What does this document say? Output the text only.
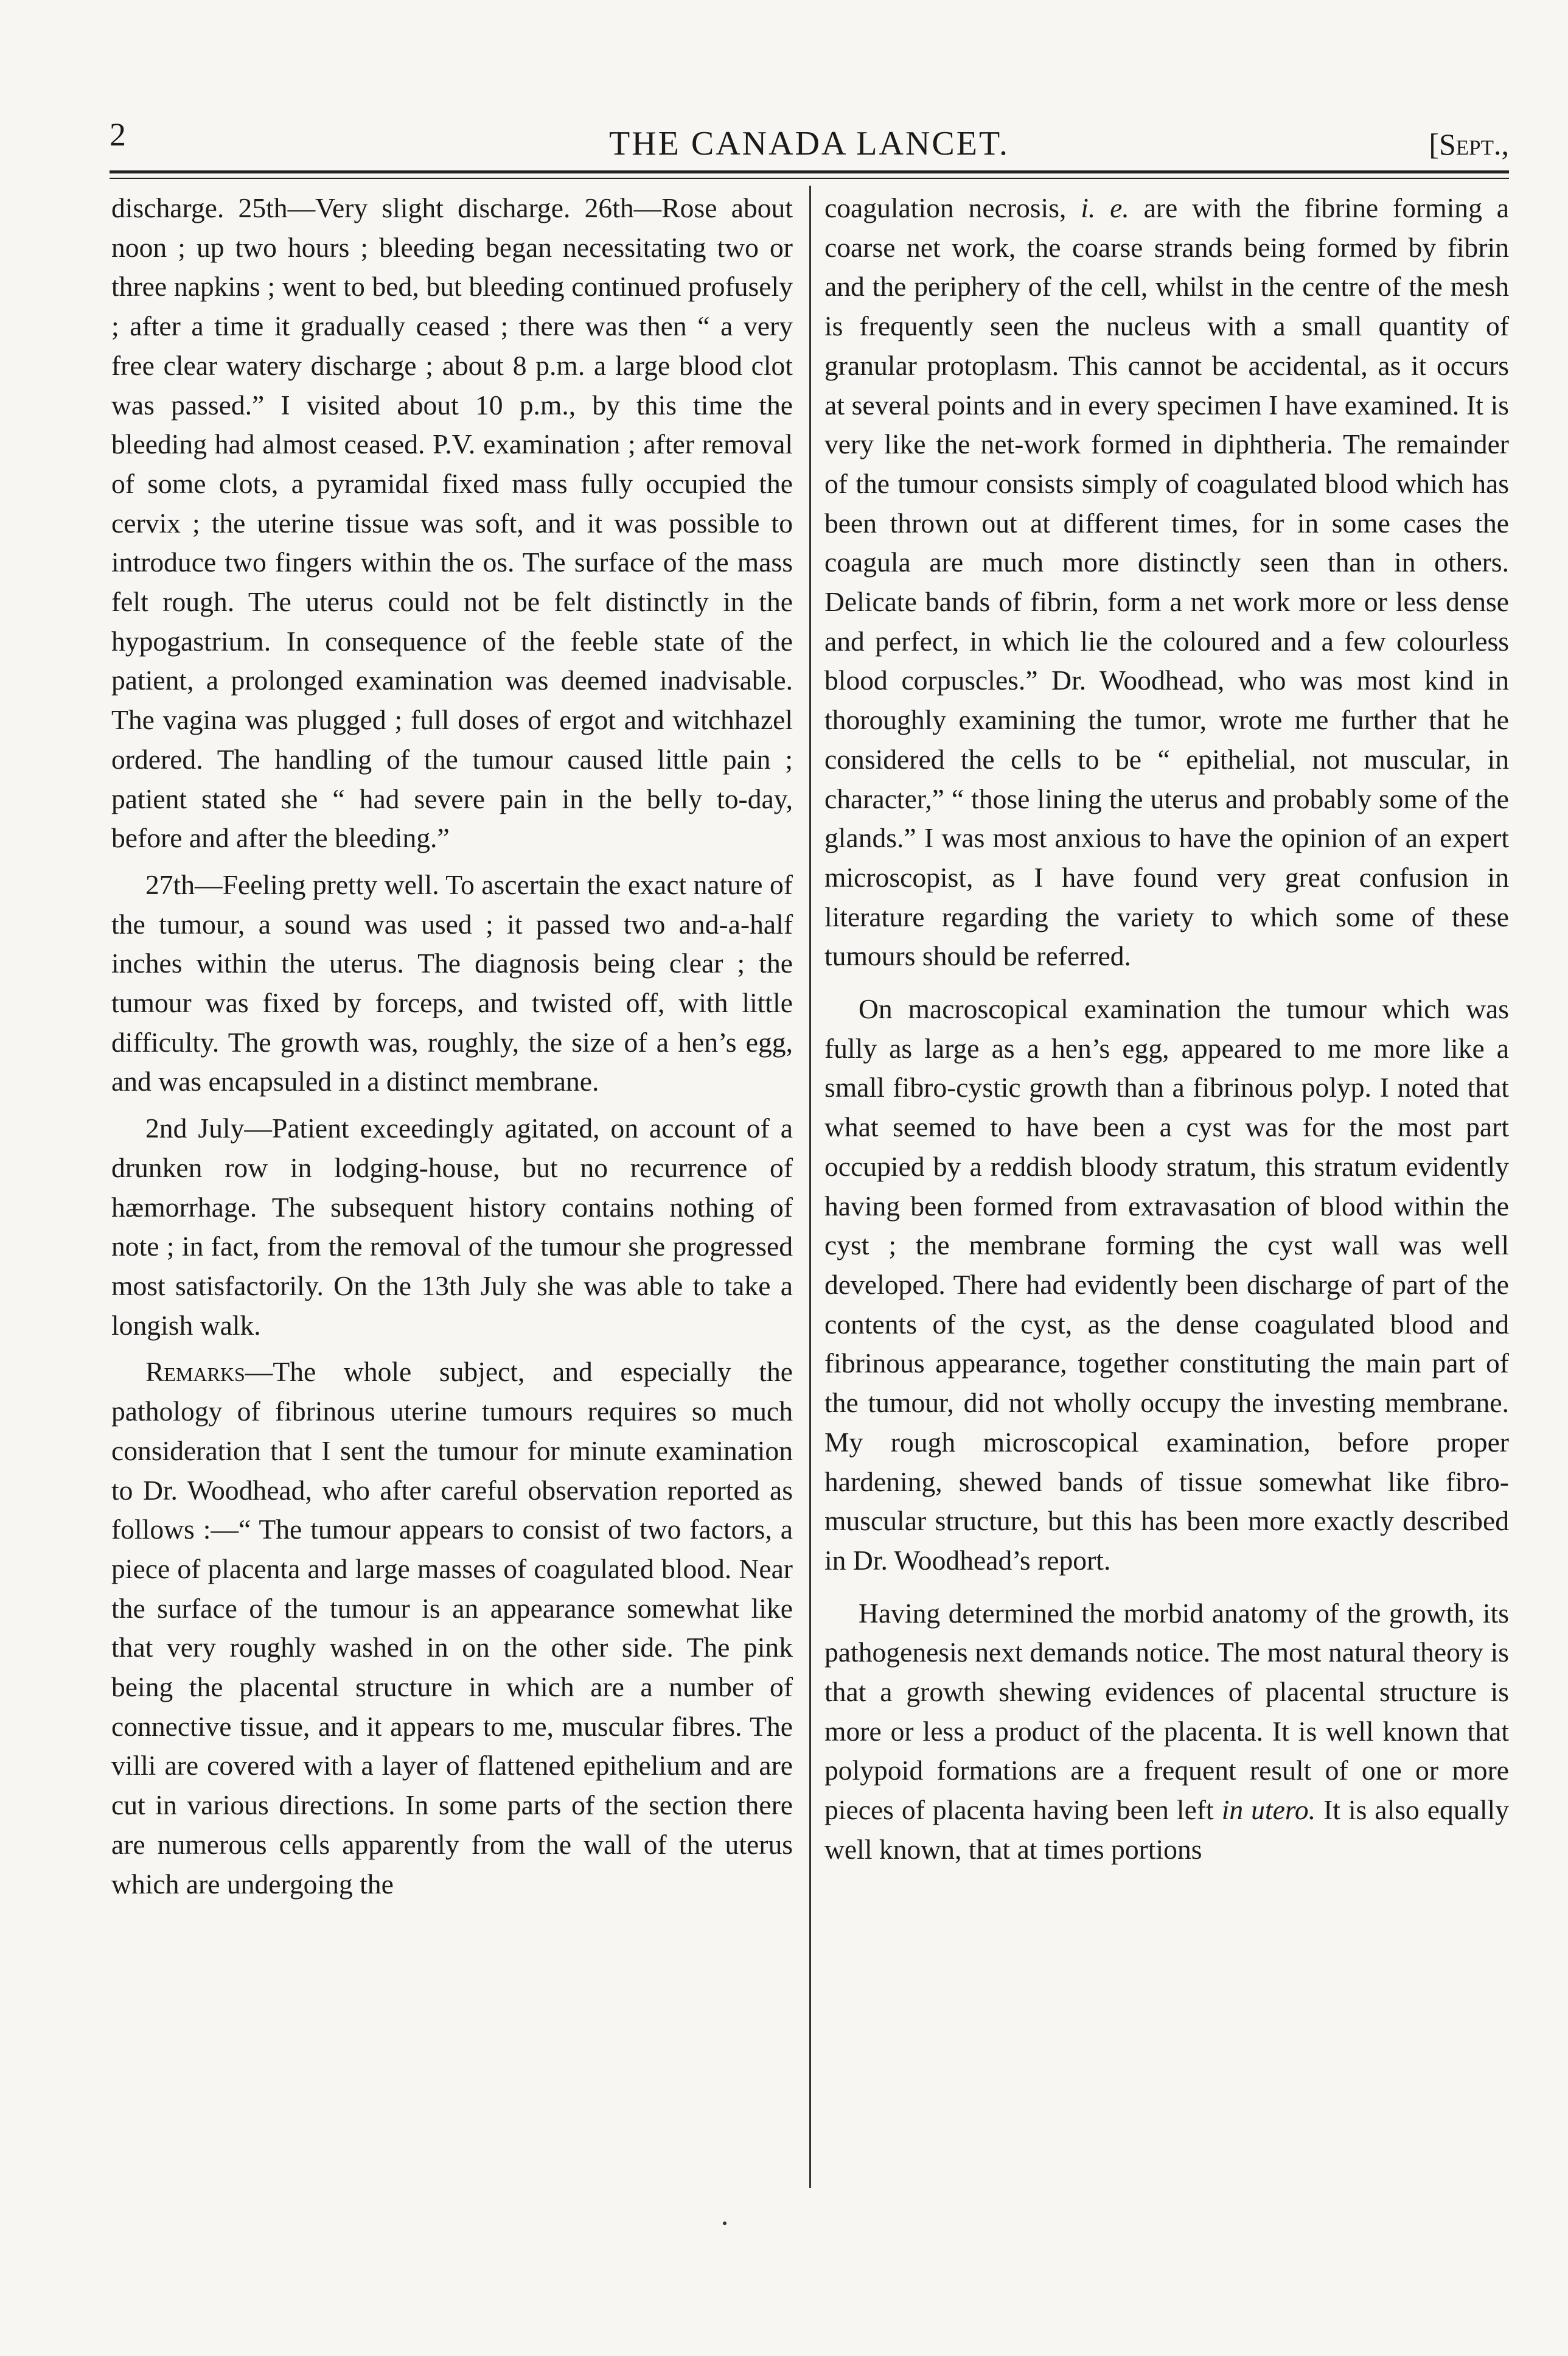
2	THE CANADA LANCET.	[Sept.,

discharge. 25th—Very slight discharge. 26th—Rose about noon ; up two hours ; bleeding began necessitating two or three napkins ; went to bed, but bleeding continued profusely ; after a time it gradually ceased ; there was then “ a very free clear watery discharge ; about 8 p.m. a large blood clot was passed.” I visited about 10 p.m., by this time the bleeding had almost ceased. P.V. examination ; after removal of some clots, a pyramidal fixed mass fully occupied the cervix ; the uterine tissue was soft, and it was possible to introduce two fingers within the os. The surface of the mass felt rough. The uterus could not be felt distinctly in the hypogastrium. In consequence of the feeble state of the patient, a prolonged examination was deemed inadvisable. The vagina was plugged ; full doses of ergot and witchhazel ordered. The handling of the tumour caused little pain ; patient stated she “ had severe pain in the belly to-day, before and after the bleeding.”

27th—Feeling pretty well. To ascertain the exact nature of the tumour, a sound was used ; it passed two and-a-half inches within the uterus. The diagnosis being clear ; the tumour was fixed by forceps, and twisted off, with little difficulty. The growth was, roughly, the size of a hen’s egg, and was encapsuled in a distinct membrane.

2nd July—Patient exceedingly agitated, on account of a drunken row in lodging-house, but no recurrence of hæmorrhage. The subsequent history contains nothing of note ; in fact, from the removal of the tumour she progressed most satisfactorily. On the 13th July she was able to take a longish walk.

Remarks—The whole subject, and especially the pathology of fibrinous uterine tumours requires so much consideration that I sent the tumour for minute examination to Dr. Woodhead, who after careful observation reported as follows :—“ The tumour appears to consist of two factors, a piece of placenta and large masses of coagulated blood. Near the surface of the tumour is an appearance somewhat like that very roughly washed in on the other side. The pink being the placental structure in which are a number of connective tissue, and it appears to me, muscular fibres. The villi are covered with a layer of flattened epithelium and are cut in various directions. In some parts of the section there are numerous cells apparently from the wall of the uterus which are undergoing the

coagulation necrosis, i. e. are with the fibrine forming a coarse net work, the coarse strands being formed by fibrin and the periphery of the cell, whilst in the centre of the mesh is frequently seen the nucleus with a small quantity of granular protoplasm. This cannot be accidental, as it occurs at several points and in every specimen I have examined. It is very like the net-work formed in diphtheria. The remainder of the tumour consists simply of coagulated blood which has been thrown out at different times, for in some cases the coagula are much more distinctly seen than in others. Delicate bands of fibrin, form a net work more or less dense and perfect, in which lie the coloured and a few colourless blood corpuscles.” Dr. Woodhead, who was most kind in thoroughly examining the tumor, wrote me further that he considered the cells to be “ epithelial, not muscular, in character,” “ those lining the uterus and probably some of the glands.” I was most anxious to have the opinion of an expert microscopist, as I have found very great confusion in literature regarding the variety to which some of these tumours should be referred.

On macroscopical examination the tumour which was fully as large as a hen’s egg, appeared to me more like a small fibro-cystic growth than a fibrinous polyp. I noted that what seemed to have been a cyst was for the most part occupied by a reddish bloody stratum, this stratum evidently having been formed from extravasation of blood within the cyst ; the membrane forming the cyst wall was well developed. There had evidently been discharge of part of the contents of the cyst, as the dense coagulated blood and fibrinous appearance, together constituting the main part of the tumour, did not wholly occupy the investing membrane. My rough microscopical examination, before proper hardening, shewed bands of tissue somewhat like fibro-muscular structure, but this has been more exactly described in Dr. Woodhead’s report.

Having determined the morbid anatomy of the growth, its pathogenesis next demands notice. The most natural theory is that a growth shewing evidences of placental structure is more or less a product of the placenta. It is well known that polypoid formations are a frequent result of one or more pieces of placenta having been left in utero. It is also equally well known, that at times portions
